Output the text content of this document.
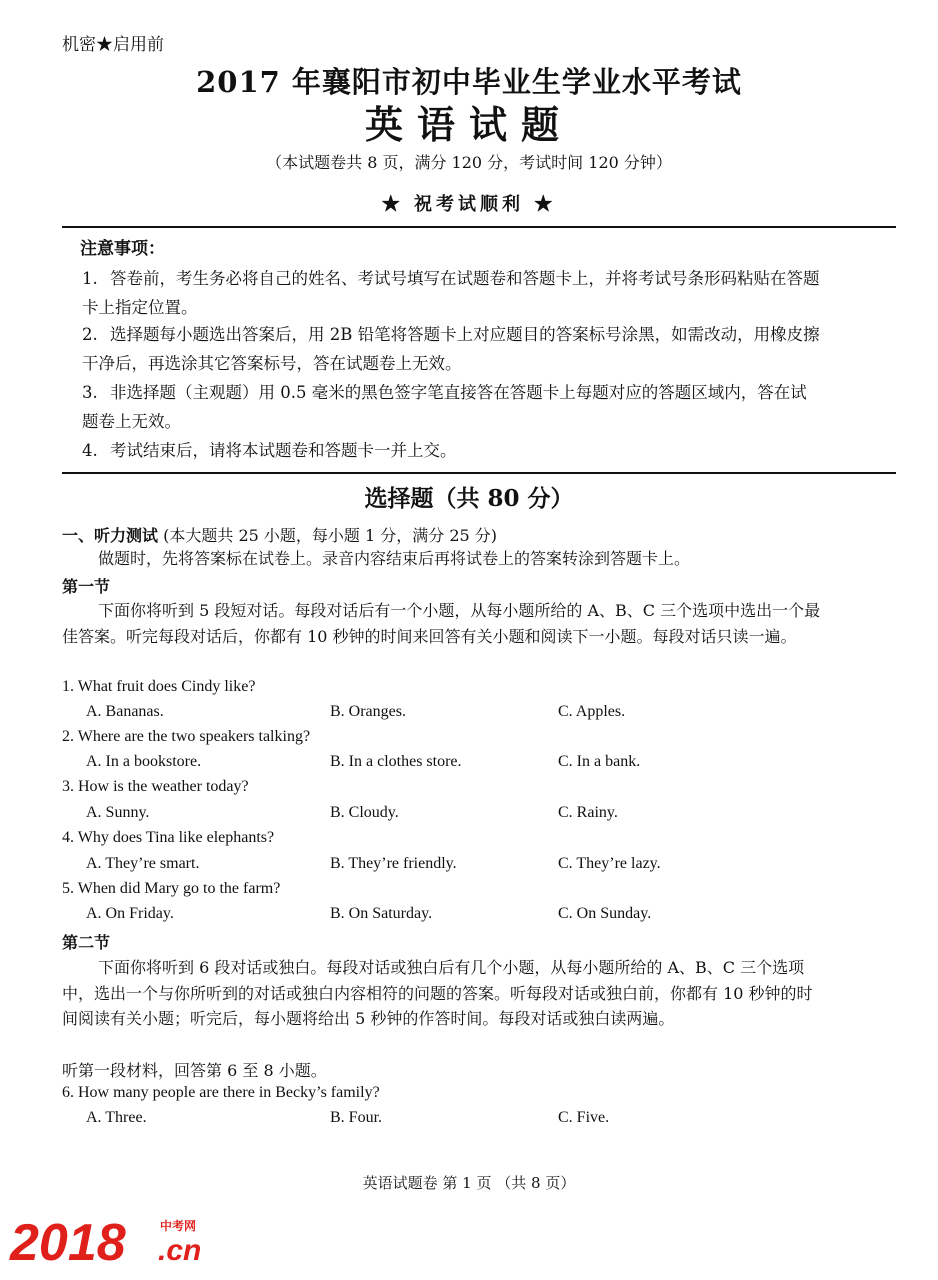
机密★启用前
2017 年襄阳市初中毕业生学业水平考试
英语试题
（本试题卷共 8 页，满分 120 分，考试时间 120 分钟）
★ 祝考试顺利 ★
注意事项：
1. 答卷前，考生务必将自己的姓名、考试号填写在试题卷和答题卡上，并将考试号条形码粘贴在答题卡上指定位置。
2. 选择题每小题选出答案后，用 2B 铅笔将答题卡上对应题目的答案标号涂黑，如需改动，用橡皮擦干净后，再选涂其它答案标号，答在试题卷上无效。
3. 非选择题（主观题）用 0.5 毫米的黑色签字笔直接答在答题卡上每题对应的答题区域内，答在试题卷上无效。
4. 考试结束后，请将本试题卷和答题卡一并上交。
选择题（共 80 分）
一、听力测试 (本大题共 25 小题，每小题 1 分，满分 25 分)
做题时，先将答案标在试卷上。录音内容结束后再将试卷上的答案转涂到答题卡上。
第一节
下面你将听到 5 段短对话。每段对话后有一个小题，从每小题所给的 A、B、C 三个选项中选出一个最佳答案。听完每段对话后，你都有 10 秒钟的时间来回答有关小题和阅读下一小题。每段对话只读一遍。
1. What fruit does Cindy like?
A. Bananas.	B. Oranges.	C. Apples.
2. Where are the two speakers talking?
A. In a bookstore.	B. In a clothes store.	C. In a bank.
3. How is the weather today?
A. Sunny.	B. Cloudy.	C. Rainy.
4. Why does Tina like elephants?
A. They’re smart.	B. They’re friendly.	C. They’re lazy.
5. When did Mary go to the farm?
A. On Friday.	B. On Saturday.	C. On Sunday.
第二节
下面你将听到 6 段对话或独白。每段对话或独白后有几个小题，从每小题所给的 A、B、C 三个选项中，选出一个与你所听到的对话或独白内容相符的问题的答案。听每段对话或独白前，你都有 10 秒钟的时间阅读有关小题；听完后，每小题将给出 5 秒钟的作答时间。每段对话或独白读两遍。
听第一段材料，回答第 6 至 8 小题。
6. How many people are there in Becky’s family?
A. Three.	B. Four.	C. Five.
英语试题卷 第 1 页 （共 8 页）
2018	中考网
.cn
